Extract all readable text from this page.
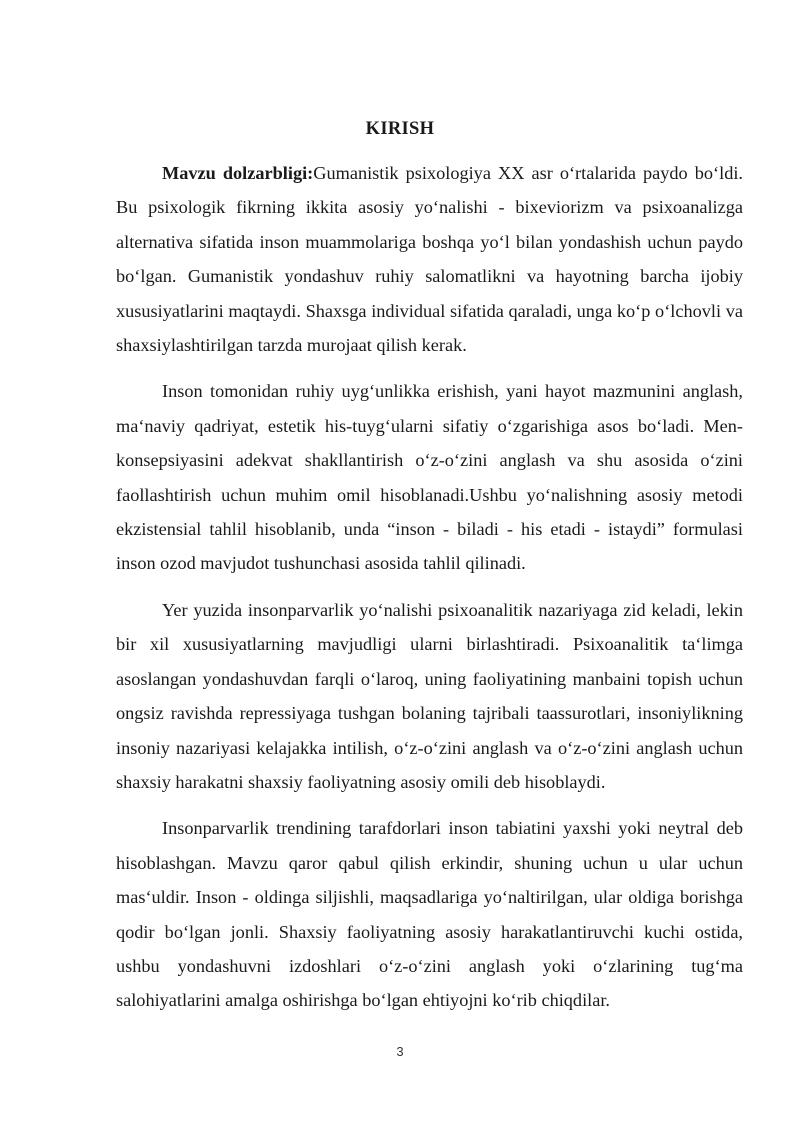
KIRISH

Mavzu dolzarbligi:Gumanistik psixologiya XX asr o‘rtalarida paydo bo‘ldi. Bu psixologik fikrning ikkita asosiy yo‘nalishi - bixeviorizm va psixoanalizga alternativa sifatida inson muammolariga boshqa yo‘l bilan yondashish uchun paydo bo‘lgan. Gumanistik yondashuv ruhiy salomatlikni va hayotning barcha ijobiy xususiyatlarini maqtaydi. Shaxsga individual sifatida qaraladi, unga ko‘p o‘lchovli va shaxsiylashtirilgan tarzda murojaat qilish kerak.

Inson tomonidan ruhiy uyg‘unlikka erishish, yani hayot mazmunini anglash, ma‘naviy qadriyat, estetik his-tuyg‘ularni sifatiy o‘zgarishiga asos bo‘ladi. Men-konsepsiyasini adekvat shakllantirish o‘z-o‘zini anglash va shu asosida o‘zini faollashtirish uchun muhim omil hisoblanadi.Ushbu yo‘nalishning asosiy metodi ekzistensial tahlil hisoblanib, unda “inson - biladi - his etadi - istaydi” formulasi inson ozod mavjudot tushunchasi asosida tahlil qilinadi.

Yer yuzida insonparvarlik yo‘nalishi psixoanalitik nazariyaga zid keladi, lekin bir xil xususiyatlarning mavjudligi ularni birlashtiradi. Psixoanalitik ta‘limga asoslangan yondashuvdan farqli o‘laroq, uning faoliyatining manbaini topish uchun ongsiz ravishda repressiyaga tushgan bolaning tajribali taassurotlari, insoniylikning insoniy nazariyasi kelajakka intilish, o‘z-o‘zini anglash va o‘z-o‘zini anglash uchun shaxsiy harakatni shaxsiy faoliyatning asosiy omili deb hisoblaydi.

Insonparvarlik trendining tarafdorlari inson tabiatini yaxshi yoki neytral deb hisoblashgan. Mavzu qaror qabul qilish erkindir, shuning uchun u ular uchun mas‘uldir. Inson - oldinga siljishli, maqsadlariga yo‘naltirilgan, ular oldiga borishga qodir bo‘lgan jonli. Shaxsiy faoliyatning asosiy harakatlantiruvchi kuchi ostida, ushbu yondashuvni izdoshlari o‘z-o‘zini anglash yoki o‘zlarining tug‘ma salohiyatlarini amalga oshirishga bo‘lgan ehtiyojni ko‘rib chiqdilar.

3
